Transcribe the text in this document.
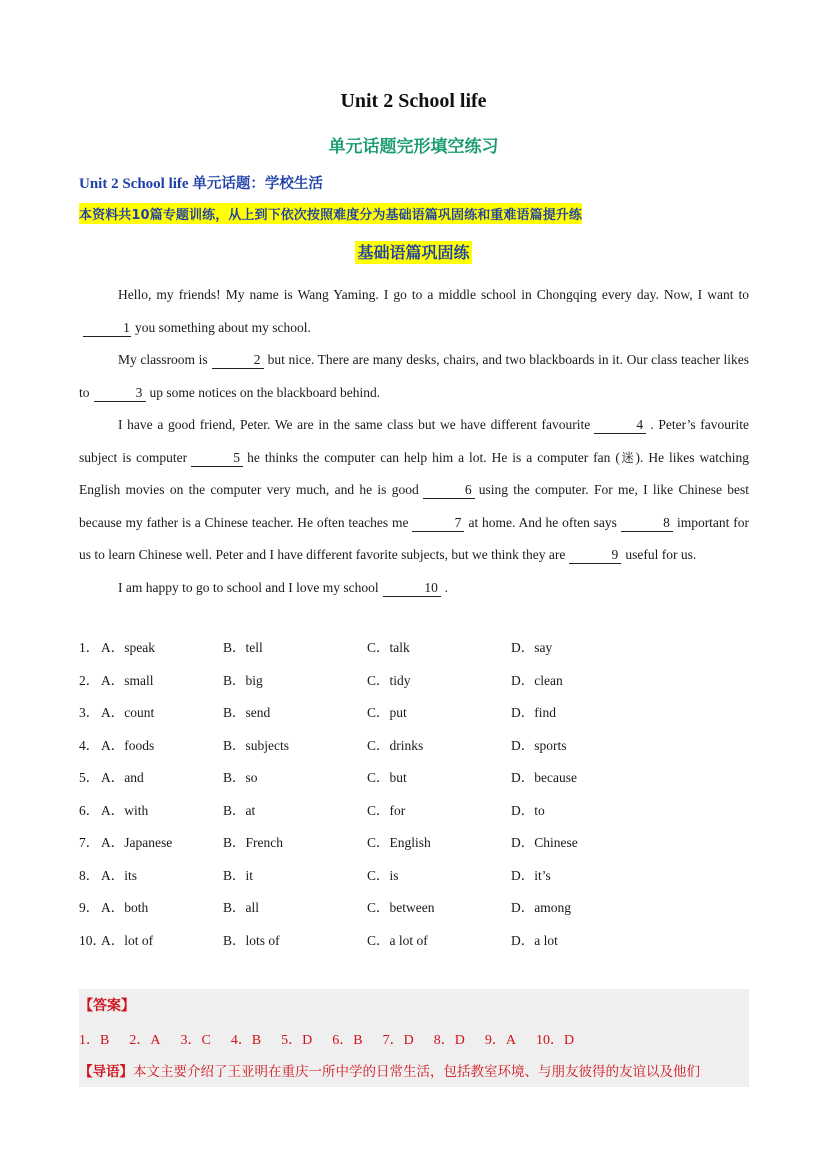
Unit 2 School life
单元话题完形填空练习
Unit 2 School life 单元话题：学校生活
本资料共10篇专题训练，从上到下依次按照难度分为基础语篇巩固练和重难语篇提升练
基础语篇巩固练

Hello, my friends! My name is Wang Yaming. I go to a middle school in Chongqing every day. Now, I want to1 you something about my school.

My classroom is	2 but nice. There are many desks, chairs, and two blackboards in it. Our class teacher likes to	3 up some notices on the blackboard behind.

I have a good friend, Peter. We are in the same class but we have different favourite	4 . Peter’s favourite subject is computer	5 he thinks the computer can help him a lot. He is a computer fan (迷). He likes watching English movies on the computer very much, and he is good	6 using the computer. For me, I like Chinese best because my father is a Chinese teacher. He often teaches me	7 at home. And he often says	8 important for us to learn Chinese well. Peter and I have different favorite subjects, but we think they are	9 useful for us.

I am happy to go to school and I love my school	10 .

1． A．speak	B．tell	C．talk	D．say
2． A．small	B．big	C．tidy	D．clean
3． A．count	B．send	C．put	D．find
4． A．foods	B．subjects	C．drinks	D．sports
5． A．and	B．so	C．but	D．because
6． A．with	B．at	C．for	D．to
7． A．Japanese	B．French	C．English	D．Chinese
8． A．its	B．it	C．is	D．it’s
9． A．both	B．all	C．between	D．among
10．
A．lot of	B．lots of	C．a lot of	D．a lot
【答案】
1．B 2．A 3．C 4．B 5．D 6．B 7．D 8．D 9．A 10．D
【导语】本文主要介绍了王亚明在重庆一所中学的日常生活，包括教室环境、与朋友彼得的友谊以及他们
